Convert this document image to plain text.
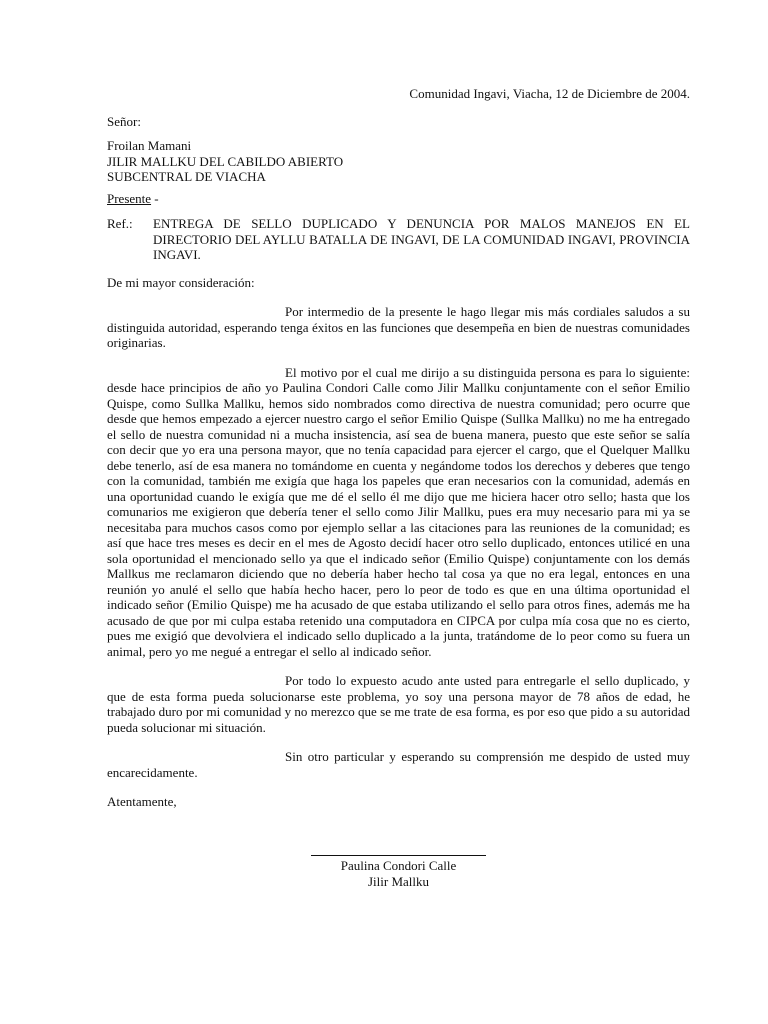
Comunidad Ingavi, Viacha, 12 de Diciembre de 2004.

Señor:

Froilan Mamani
JILIR MALLKU DEL CABILDO ABIERTO
SUBCENTRAL DE VIACHA

Presente -

Ref.:	ENTREGA DE SELLO DUPLICADO Y DENUNCIA POR MALOS MANEJOS EN EL DIRECTORIO DEL AYLLU BATALLA DE INGAVI, DE LA COMUNIDAD INGAVI, PROVINCIA INGAVI.

De mi mayor consideración:

Por intermedio de la presente le hago llegar mis más cordiales saludos a su distinguida autoridad, esperando tenga éxitos en las funciones que desempeña en bien de nuestras comunidades originarias.

El motivo por el cual me dirijo a su distinguida persona es para lo siguiente: desde hace principios de año yo Paulina Condori Calle como Jilir Mallku conjuntamente con el señor Emilio Quispe, como Sullka Mallku, hemos sido nombrados como directiva de nuestra comunidad; pero ocurre que desde que hemos empezado a ejercer nuestro cargo el señor Emilio Quispe (Sullka Mallku) no me ha entregado el sello de nuestra comunidad ni a mucha insistencia, así sea de buena manera, puesto que este señor se salía con decir que yo era una persona mayor, que no tenía capacidad para ejercer el cargo, que el Quelquer Mallku debe tenerlo, así de esa manera no tomándome en cuenta y negándome todos los derechos y deberes que tengo con la comunidad, también me exigía que haga los papeles que eran necesarios con la comunidad, además en una oportunidad cuando le exigía que me dé el sello él me dijo que me hiciera hacer otro sello; hasta que los comunarios me exigieron que debería tener el sello como Jilir Mallku, pues era muy necesario para mi ya se necesitaba para muchos casos como por ejemplo sellar a las citaciones para las reuniones de la comunidad; es así que hace tres meses es decir en el mes de Agosto decidí hacer otro sello duplicado, entonces utilicé en una sola oportunidad el mencionado sello ya que el indicado señor (Emilio Quispe) conjuntamente con los demás Mallkus me reclamaron diciendo que no debería haber hecho tal cosa ya que no era legal, entonces en una reunión yo anulé el sello que había hecho hacer, pero lo peor de todo es que en una última oportunidad el indicado señor (Emilio Quispe) me ha acusado de que estaba utilizando el sello para otros fines, además me ha acusado de que por mi culpa estaba retenido una computadora en CIPCA por culpa mía cosa que no es cierto, pues me exigió que devolviera el indicado sello duplicado a la junta, tratándome de lo peor como su fuera un animal, pero yo me negué a entregar el sello al indicado señor.

Por todo lo expuesto acudo ante usted para entregarle el sello duplicado, y que de esta forma pueda solucionarse este problema, yo soy una persona mayor de 78 años de edad, he trabajado duro por mi comunidad y no merezco que se me trate de esa forma, es por eso que pido a su autoridad pueda solucionar mi situación.

Sin otro particular y esperando su comprensión me despido de usted muy encarecidamente.

Atentamente,

Paulina Condori Calle
Jilir Mallku
